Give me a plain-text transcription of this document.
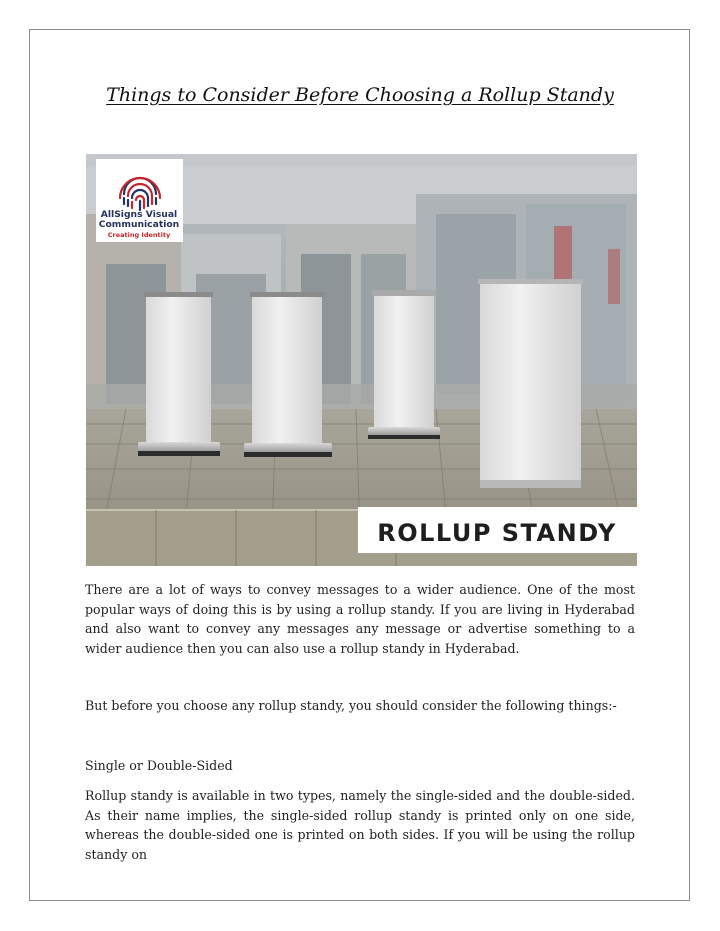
Things to Consider Before Choosing a Rollup Standy
ROLLUP STANDY
AllSigns Visual
Communication
Creating Identity

There are a lot of ways to convey messages to a wider audience. One of the most popular ways of doing this is by using a rollup standy. If you are living in Hyderabad and also want to convey any messages any message or advertise something to a wider audience then you can also use a rollup standy in Hyderabad.

But before you choose any rollup standy, you should consider the following things:-

Single or Double-Sided

Rollup standy is available in two types, namely the single-sided and the double-sided. As their name implies, the single-sided rollup standy is printed only on one side, whereas the double-sided one is printed on both sides. If you will be using the rollup standy on
